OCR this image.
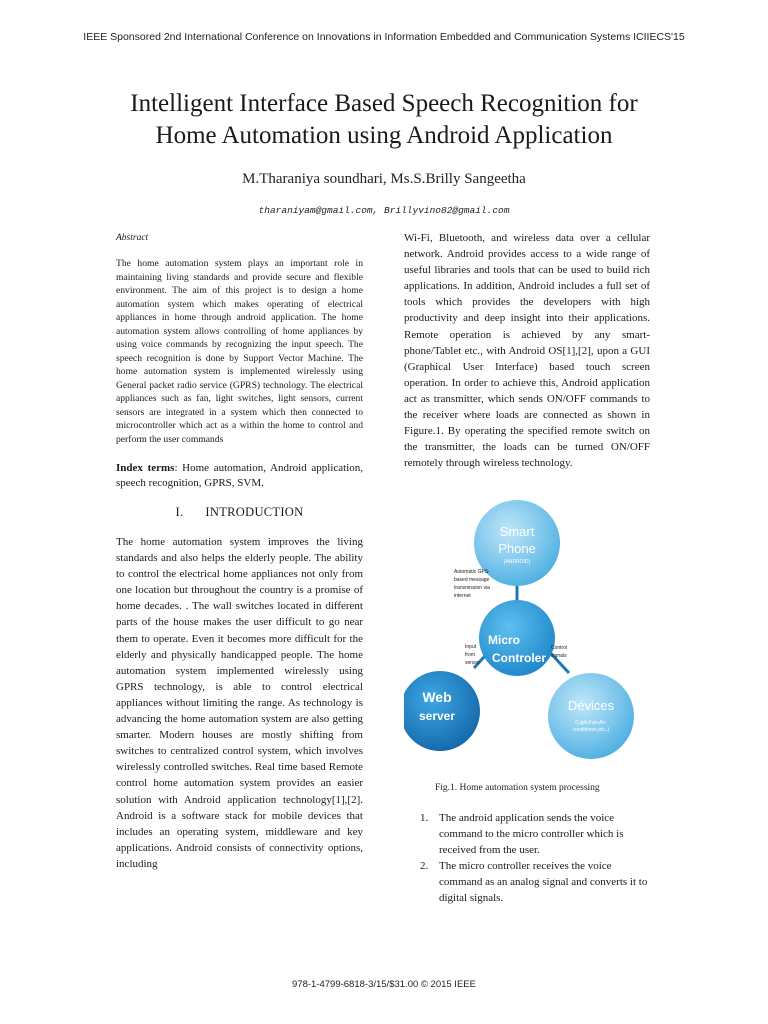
IEEE Sponsored 2nd International Conference on Innovations in Information Embedded and Communication Systems ICIIECS'15
Intelligent Interface Based Speech Recognition for
Home Automation using Android Application
M.Tharaniya soundhari, Ms.S.Brilly Sangeetha
tharaniyam@gmail.com, Brillyvino82@gmail.com

Abstract

The home automation system plays an important role in maintaining living standards and provide secure and flexible environment. The aim of this project is to design a home automation system which makes operating of electrical appliances in home through android application. The home automation system allows controlling of home appliances by using voice commands by recognizing the input speech. The speech recognition is done by Support Vector Machine. The home automation system is implemented wirelessly using General packet radio service (GPRS) technology. The electrical appliances such as fan, light switches, light sensors, current sensors are integrated in a system which then connected to microcontroller which act as a within the home to control and perform the user commands

Index terms: Home automation, Android application, speech recognition, GPRS, SVM.

I. INTRODUCTION

The home automation system improves the living standards and also helps the elderly people. The ability to control the electrical home appliances not only from one location but throughout the country is a promise of home decades. . The wall switches located in different parts of the house makes the user difficult to go near them to operate. Even it becomes more difficult for the elderly and physically handicapped people. The home automation system implemented wirelessly using GPRS technology, is able to control electrical appliances without limiting the range. As technology is advancing the home automation system are also getting smarter. Modern houses are mostly shifting from switches to centralized control system, which involves wirelessly controlled switches. Real time based Remote control home automation system provides an easier solution with Android application technology[1],[2]. Android is a software stack for mobile devices that includes an operating system, middleware and key applications. Android consists of connectivity options, including

Wi-Fi, Bluetooth, and wireless data over a cellular network. Android provides access to a wide range of useful libraries and tools that can be used to build rich applications. In addition, Android includes a full set of tools which provides the developers with high productivity and deep insight into their applications. Remote operation is achieved by any smart-phone/Tablet etc., with Android OS[1],[2], upon a GUI (Graphical User Interface) based touch screen operation. In order to achieve this, Android application act as transmitter, which sends ON/OFF commands to the receiver where loads are connected as shown in Figure.1. By operating the specified remote switch on the transmitter, the loads can be turned ON/OFF remotely through wireless technology.

Smart
Phone
(ANDROID)
Web
server
Devices
(Light,Fan,Air-
conditioner,etc.,)
Micro
Controler
Automatic GPS-
based message
transmission via
internet
Input
from
sensor
Control
signals
Fig.1. Home automation system processing
1. The android application sends the voice command to the micro controller which is received from the user.
2. The micro controller receives the voice command as an analog signal and converts it to digital signals.
978-1-4799-6818-3/15/$31.00 © 2015 IEEE
